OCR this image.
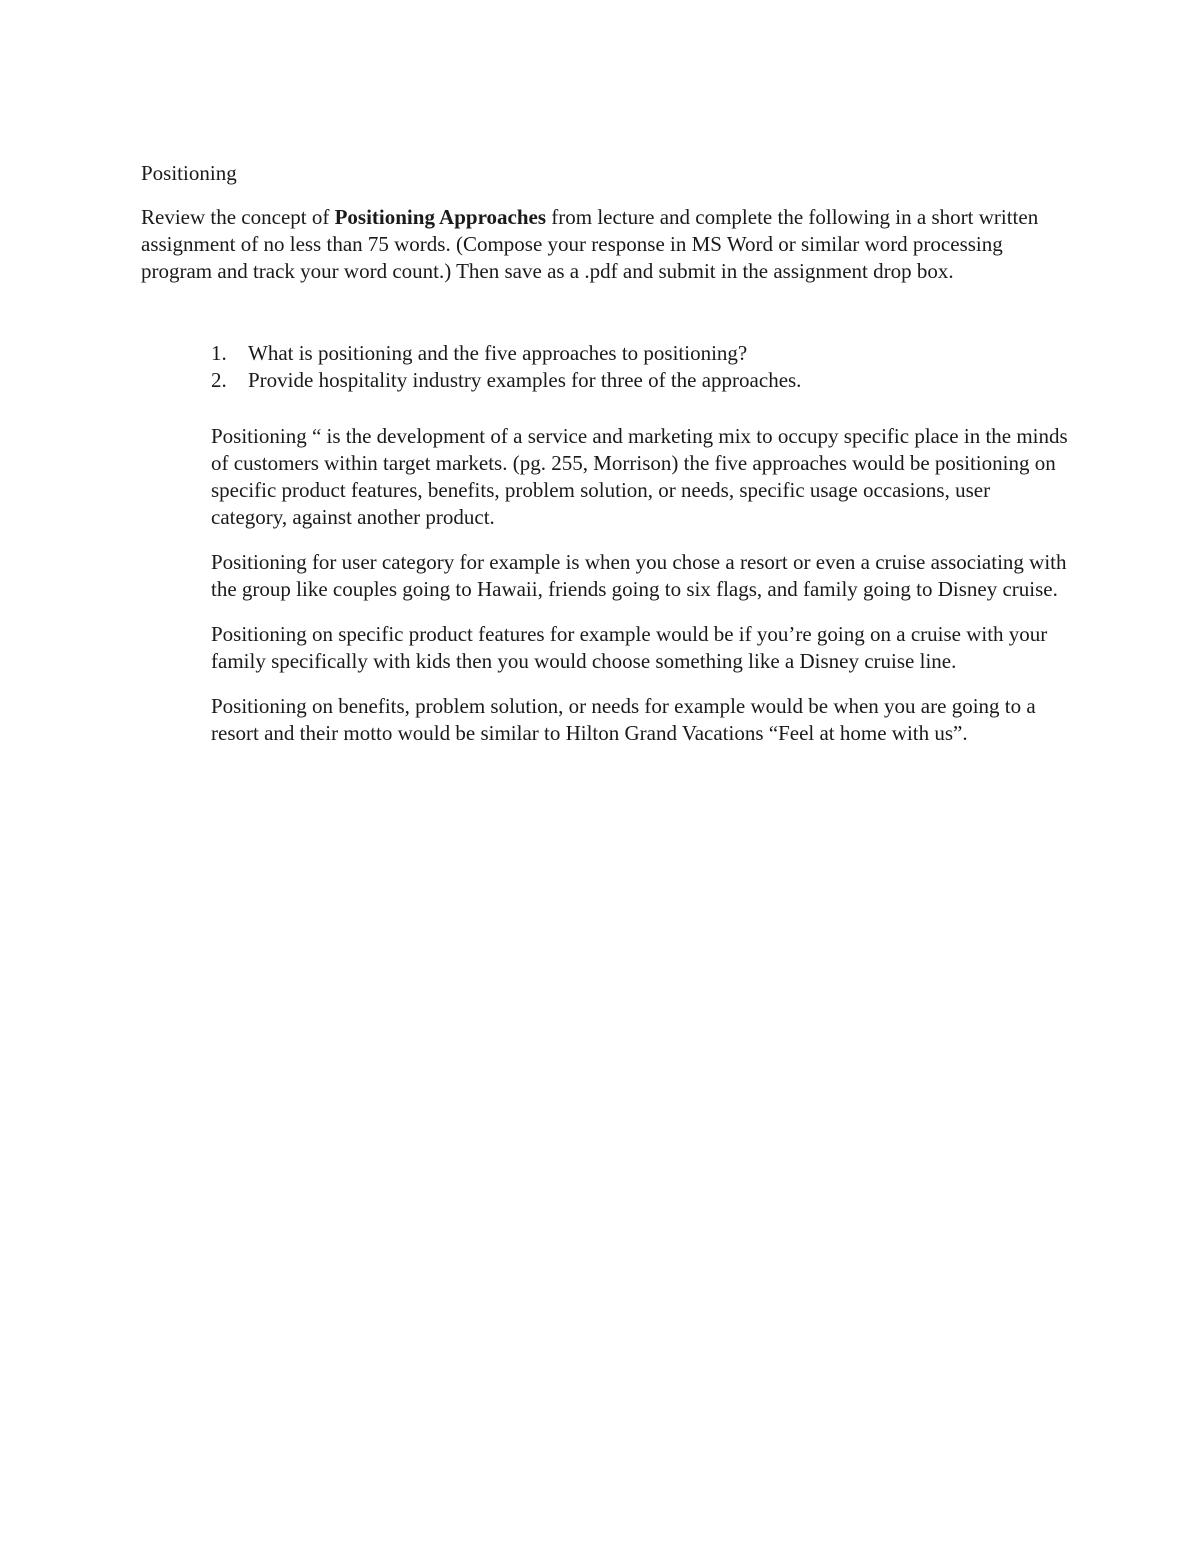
Positioning

Review the concept of Positioning Approaches from lecture and complete the following in a short written assignment of no less than 75 words. (Compose your response in MS Word or similar word processing program and track your word count.) Then save as a .pdf and submit in the assignment drop box.

1. What is positioning and the five approaches to positioning?
2. Provide hospitality industry examples for three of the approaches.

Positioning “ is the development of a service and marketing mix to occupy specific place in the minds of customers within target markets. (pg. 255, Morrison) the five approaches would be positioning on specific product features, benefits, problem solution, or needs, specific usage occasions, user category, against another product.

Positioning for user category for example is when you chose a resort or even a cruise associating with the group like couples going to Hawaii, friends going to six flags, and family going to Disney cruise.

Positioning on specific product features for example would be if you’re going on a cruise with your family specifically with kids then you would choose something like a Disney cruise line.

Positioning on benefits, problem solution, or needs for example would be when you are going to a resort and their motto would be similar to Hilton Grand Vacations “Feel at home with us”.
